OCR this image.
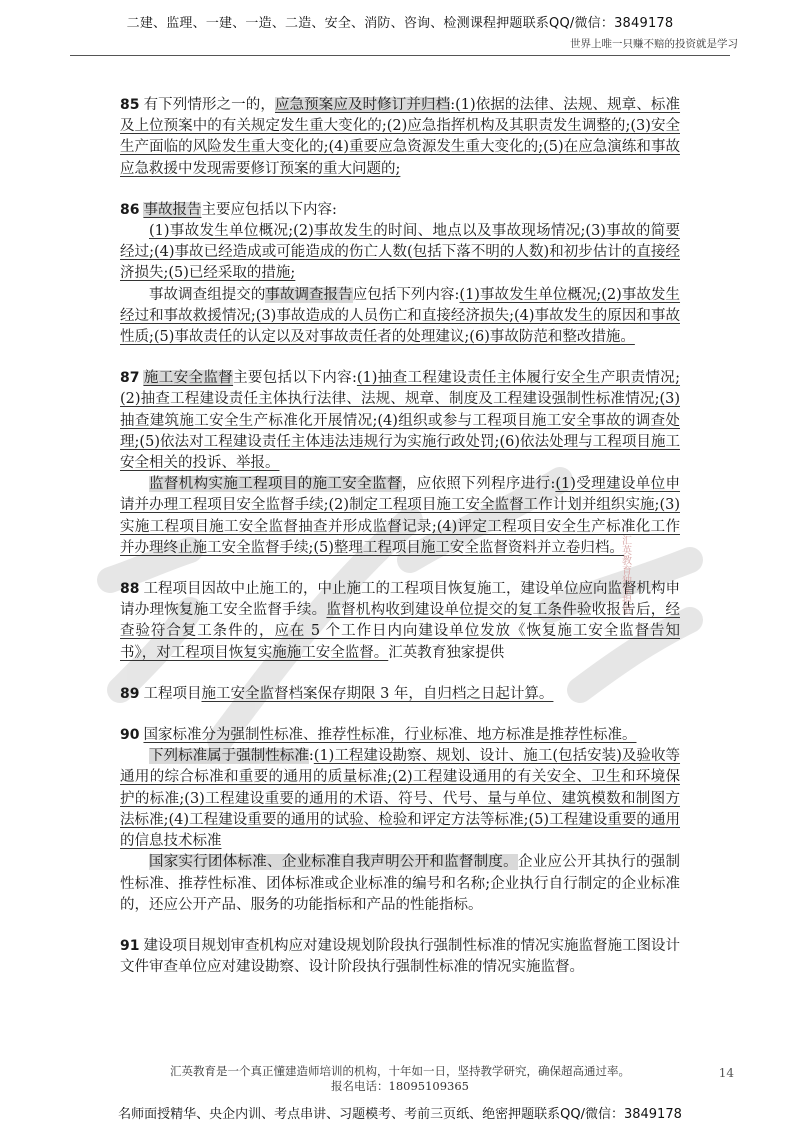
二建、监理、一建、一造、二造、安全、消防、咨询、检测课程押题联系QQ/微信：3849178
世界上唯一只赚不赔的投资就是学习
汇英教育独家提供

85 有下列情形之一的，应急预案应及时修订并归档:(1)依据的法律、法规、规章、标准及上位预案中的有关规定发生重大变化的;(2)应急指挥机构及其职责发生调整的;(3)安全生产面临的风险发生重大变化的;(4)重要应急资源发生重大变化的;(5)在应急演练和事故应急救援中发现需要修订预案的重大问题的;

86 事故报告主要应包括以下内容:

(1)事故发生单位概况;(2)事故发生的时间、地点以及事故现场情况;(3)事故的简要经过;(4)事故已经造成或可能造成的伤亡人数(包括下落不明的人数)和初步估计的直接经济损失;(5)已经采取的措施;

事故调查组提交的事故调查报告应包括下列内容:(1)事故发生单位概况;(2)事故发生经过和事故救援情况;(3)事故造成的人员伤亡和直接经济损失;(4)事故发生的原因和事故性质;(5)事故责任的认定以及对事故责任者的处理建议;(6)事故防范和整改措施。

87 施工安全监督主要包括以下内容:(1)抽查工程建设责任主体履行安全生产职责情况;(2)抽查工程建设责任主体执行法律、法规、规章、制度及工程建设强制性标准情况;(3)抽查建筑施工安全生产标准化开展情况;(4)组织或参与工程项目施工安全事故的调查处理;(5)依法对工程建设责任主体违法违规行为实施行政处罚;(6)依法处理与工程项目施工安全相关的投诉、举报。

监督机构实施工程项目的施工安全监督，应依照下列程序进行:(1)受理建设单位申请并办理工程项目安全监督手续;(2)制定工程项目施工安全监督工作计划并组织实施;(3)实施工程项目施工安全监督抽查并形成监督记录;(4)评定工程项目安全生产标准化工作并办理终止施工安全监督手续;(5)整理工程项目施工安全监督资料并立卷归档。

88 工程项目因故中止施工的，中止施工的工程项目恢复施工，建设单位应向监督机构申请办理恢复施工安全监督手续。监督机构收到建设单位提交的复工条件验收报告后，经查验符合复工条件的，应在 5 个工作日内向建设单位发放《恢复施工安全监督告知书》，对工程项目恢复实施施工安全监督。汇英教育独家提供

89 工程项目施工安全监督档案保存期限 3 年，自归档之日起计算。

90 国家标准分为强制性标准、推荐性标准，行业标准、地方标准是推荐性标准。

下列标准属于强制性标准:(1)工程建设勘察、规划、设计、施工(包括安装)及验收等通用的综合标准和重要的通用的质量标准;(2)工程建设通用的有关安全、卫生和环境保护的标准;(3)工程建设重要的通用的术语、符号、代号、量与单位、建筑模数和制图方法标准;(4)工程建设重要的通用的试验、检验和评定方法等标准;(5)工程建设重要的通用的信息技术标准

国家实行团体标准、企业标准自我声明公开和监督制度。企业应公开其执行的强制性标准、推荐性标准、团体标准或企业标准的编号和名称;企业执行自行制定的企业标准的，还应公开产品、服务的功能指标和产品的性能指标。

91 建设项目规划审查机构应对建设规划阶段执行强制性标准的情况实施监督施工图设计文件审查单位应对建设勘察、设计阶段执行强制性标准的情况实施监督。

汇英教育是一个真正懂建造师培训的机构，十年如一日，坚持教学研究，确保超高通过率。
报名电话：18095109365
14
名师面授精华、央企内训、考点串讲、习题模考、考前三页纸、绝密押题联系QQ/微信：3849178
